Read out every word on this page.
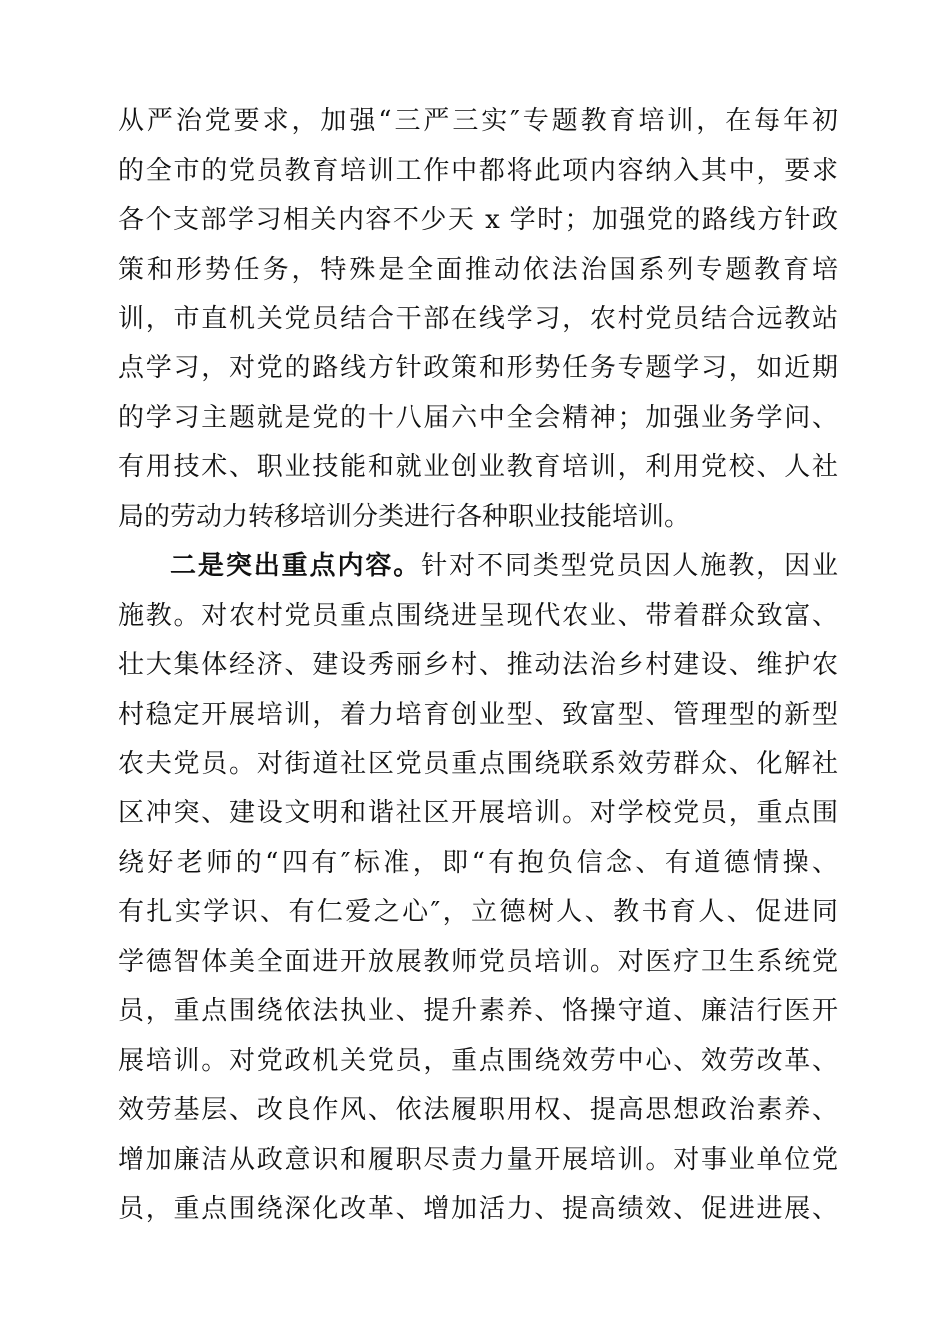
从严治党要求，加强“三严三实″专题教育培训，在每年初
的全市的党员教育培训工作中都将此项内容纳入其中，要求
各个支部学习相关内容不少天 x 学时；加强党的路线方针政
策和形势任务，特殊是全面推动依法治国系列专题教育培
训，市直机关党员结合干部在线学习，农村党员结合远教站
点学习，对党的路线方针政策和形势任务专题学习，如近期
的学习主题就是党的十八届六中全会精神；加强业务学问、
有用技术、职业技能和就业创业教育培训，利用党校、人社
局的劳动力转移培训分类进行各种职业技能培训。
二是突出重点内容。针对不同类型党员因人施教，因业
施教。对农村党员重点围绕进呈现代农业、带着群众致富、
壮大集体经济、建设秀丽乡村、推动法治乡村建设、维护农
村稳定开展培训，着力培育创业型、致富型、管理型的新型
农夫党员。对街道社区党员重点围绕联系效劳群众、化解社
区冲突、建设文明和谐社区开展培训。对学校党员，重点围
绕好老师的“四有″标准，即“有抱负信念、有道德情操、
有扎实学识、有仁爱之心″，立德树人、教书育人、促进同
学德智体美全面进开放展教师党员培训。对医疗卫生系统党
员，重点围绕依法执业、提升素养、恪操守道、廉洁行医开
展培训。对党政机关党员，重点围绕效劳中心、效劳改革、
效劳基层、改良作风、依法履职用权、提高思想政治素养、
增加廉洁从政意识和履职尽责力量开展培训。对事业单位党
员，重点围绕深化改革、增加活力、提高绩效、促进进展、
